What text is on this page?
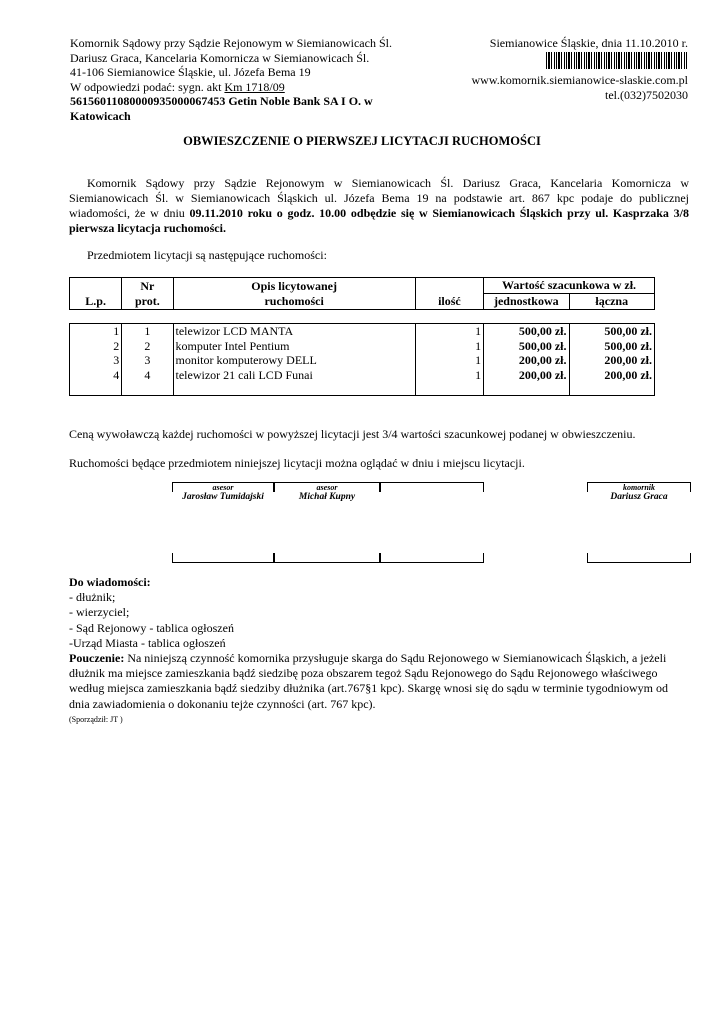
Komornik Sądowy przy Sądzie Rejonowym w Siemianowicach Śl.
Dariusz Graca, Kancelaria Komornicza w Siemianowicach Śl.
41-106 Siemianowice Śląskie, ul. Józefa Bema 19
W odpowiedzi podać: sygn. akt Km 1718/09
56156011080000935000067453 Getin Noble Bank SA I O. w
Katowicach
Siemianowice Śląskie, dnia 11.10.2010 r.
www.komornik.siemianowice-slaskie.com.pl
tel.(032)7502030
OBWIESZCZENIE O PIERWSZEJ LICYTACJI RUCHOMOŚCI
Komornik Sądowy przy Sądzie Rejonowym w Siemianowicach Śl. Dariusz Graca, Kancelaria Komornicza w Siemianowicach Śl. w Siemianowicach Śląskich ul. Józefa Bema 19 na podstawie art. 867 kpc podaje do publicznej wiadomości, że w dniu 09.11.2010 roku o godz. 10.00 odbędzie się w Siemianowicach Śląskich przy ul. Kasprzaka 3/8 pierwsza licytacja ruchomości.
Przedmiotem licytacji są następujące ruchomości:
L.p.	Nr	Opis licytowanej	ilość	Wartość szacunkowa w zł.	
	prot.	ruchomości		jednostkowa	łączna
1	1	telewizor LCD MANTA	1	500,00 zł.	500,00 zł.
2	2	komputer Intel Pentium	1	500,00 zł.	500,00 zł.
3	3	monitor komputerowy DELL	1	200,00 zł.	200,00 zł.
4	4	telewizor 21 cali LCD Funai	1	200,00 zł.	200,00 zł.
Ceną wywoławczą każdej ruchomości w powyższej licytacji jest 3/4 wartości szacunkowej podanej w obwieszczeniu.
Ruchomości będące przedmiotem niniejszej licytacji można oglądać w dniu i miejscu licytacji.
asesor
Jarosław Tumidajski
asesor
Michał Kupny
komornik
Dariusz Graca
Do wiadomości:
- dłużnik;
- wierzyciel;
- Sąd Rejonowy - tablica ogłoszeń
-Urząd Miasta - tablica ogłoszeń
Pouczenie: Na niniejszą czynność komornika przysługuje skarga do Sądu Rejonowego w Siemianowicach Śląskich, a jeżeli dłużnik ma miejsce zamieszkania bądź siedzibę poza obszarem tegoż Sądu Rejonowego do Sądu Rejonowego właściwego według miejsca zamieszkania bądź siedziby dłużnika (art.767§1 kpc). Skargę wnosi się do sądu w terminie tygodniowym od dnia zawiadomienia o dokonaniu tejże czynności (art. 767 kpc).
(Sporządził: JT )
